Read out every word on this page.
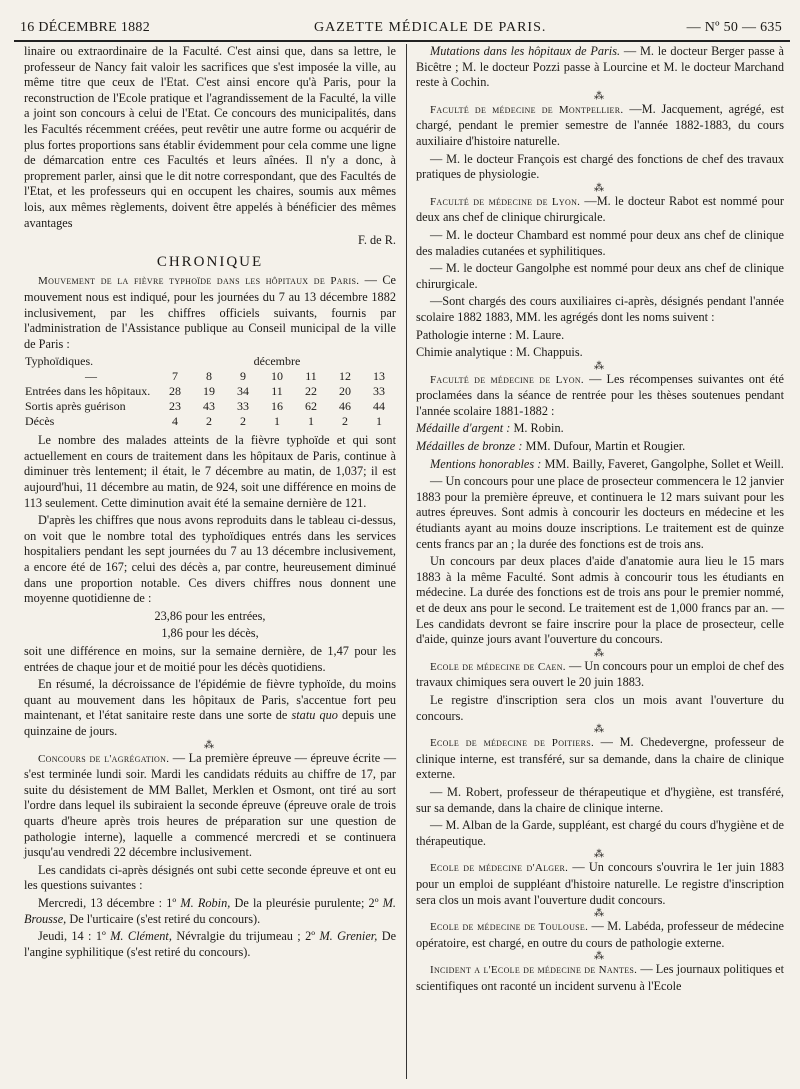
16 DÉCEMBRE 1882	GAZETTE MÉDICALE DE PARIS.	— Nº 50 — 635

linaire ou extraordinaire de la Faculté. C'est ainsi que, dans sa lettre, le professeur de Nancy fait valoir les sacrifices que s'est imposée la ville, au même titre que ceux de l'Etat. C'est ainsi encore qu'à Paris, pour la reconstruction de l'Ecole pratique et l'agrandissement de la Faculté, la ville a joint son concours à celui de l'Etat. Ce concours des municipalités, dans les Facultés récemment créées, peut revêtir une autre forme ou acquérir de plus fortes proportions sans établir évidemment pour cela comme une ligne de démarcation entre ces Facultés et leurs aînées. Il n'y a donc, à proprement parler, ainsi que le dit notre correspondant, que des Facultés de l'Etat, et les professeurs qui en occupent les chaires, soumis aux mêmes lois, aux mêmes règlements, doivent être appelés à bénéficier des mêmes avantages

F. de R.

CHRONIQUE

Mouvement de la fièvre typhoïde dans les hôpitaux de Paris. — Ce mouvement nous est indiqué, pour les journées du 7 au 13 décembre 1882 inclusivement, par les chiffres officiels suivants, fournis par l'administration de l'Assistance publique au Conseil municipal de la ville de Paris :

Typhoïdiques.	décembre						
—	7	8	9	10	11	12	13
Entrées dans les hôpitaux.	28	19	34	11	22	20	33
Sortis après guérison	23	43	33	16	62	46	44
Décès	4	2	2	1	1	2	1

Le nombre des malades atteints de la fièvre typhoïde et qui sont actuellement en cours de traitement dans les hôpitaux de Paris, continue à diminuer très lentement; il était, le 7 décembre au matin, de 1,037; il est aujourd'hui, 11 décembre au matin, de 924, soit une différence en moins de 113 seulement. Cette diminution avait été la semaine dernière de 121.

D'après les chiffres que nous avons reproduits dans le tableau ci-dessus, on voit que le nombre total des typhoïdiques entrés dans les services hospitaliers pendant les sept journées du 7 au 13 décembre inclusivement, a encore été de 167; celui des décès a, par contre, heureusement diminué dans une proportion notable. Ces divers chiffres nous donnent une moyenne quotidienne de :

23,86 pour les entrées,

1,86 pour les décès,

soit une différence en moins, sur la semaine dernière, de 1,47 pour les entrées de chaque jour et de moitié pour les décès quotidiens.

En résumé, la décroissance de l'épidémie de fièvre typhoïde, du moins quant au mouvement dans les hôpitaux de Paris, s'accentue fort peu maintenant, et l'état sanitaire reste dans une sorte de statu quo depuis une quinzaine de jours.

⁂

Concours de l'agrégation. — La première épreuve — épreuve écrite — s'est terminée lundi soir. Mardi les candidats réduits au chiffre de 17, par suite du désistement de MM Ballet, Merklen et Osmont, ont tiré au sort l'ordre dans lequel ils subiraient la seconde épreuve (épreuve orale de trois quarts d'heure après trois heures de préparation sur une question de pathologie interne), laquelle a commencé mercredi et se continuera jusqu'au vendredi 22 décembre inclusivement.

Les candidats ci-après désignés ont subi cette seconde épreuve et ont eu les questions suivantes :

Mercredi, 13 décembre : 1º M. Robin, De la pleurésie purulente; 2º M. Brousse, De l'urticaire (s'est retiré du concours).

Jeudi, 14 : 1º M. Clément, Névralgie du trijumeau ; 2º M. Grenier, De l'angine syphilitique (s'est retiré du concours).

Mutations dans les hôpitaux de Paris. — M. le docteur Berger passe à Bicêtre ; M. le docteur Pozzi passe à Lourcine et M. le docteur Marchand reste à Cochin.

⁂

Faculté de médecine de Montpellier. —M. Jacquement, agrégé, est chargé, pendant le premier semestre de l'année 1882-1883, du cours auxiliaire d'histoire naturelle.

— M. le docteur François est chargé des fonctions de chef des travaux pratiques de physiologie.

⁂

Faculté de médecine de Lyon. —M. le docteur Rabot est nommé pour deux ans chef de clinique chirurgicale.

— M. le docteur Chambard est nommé pour deux ans chef de clinique des maladies cutanées et syphilitiques.

— M. le docteur Gangolphe est nommé pour deux ans chef de clinique chirurgicale.

—Sont chargés des cours auxiliaires ci-après, désignés pendant l'année scolaire 1882 1883, MM. les agrégés dont les noms suivent :

Pathologie interne : M. Laure.

Chimie analytique : M. Chappuis.

⁂

Faculté de médecine de Lyon. — Les récompenses suivantes ont été proclamées dans la séance de rentrée pour les thèses soutenues pendant l'année scolaire 1881-1882 :

Médaille d'argent : M. Robin.

Médailles de bronze : MM. Dufour, Martin et Rougier.

Mentions honorables : MM. Bailly, Faveret, Gangolphe, Sollet et Weill.

— Un concours pour une place de prosecteur commencera le 12 janvier 1883 pour la première épreuve, et continuera le 12 mars suivant pour les autres épreuves. Sont admis à concourir les docteurs en médecine et les étudiants ayant au moins douze inscriptions. Le traitement est de quinze cents francs par an ; la durée des fonctions est de trois ans.

Un concours par deux places d'aide d'anatomie aura lieu le 15 mars 1883 à la même Faculté. Sont admis à concourir tous les étudiants en médecine. La durée des fonctions est de trois ans pour le premier nommé, et de deux ans pour le second. Le traitement est de 1,000 francs par an. — Les candidats devront se faire inscrire pour la place de prosecteur, celle d'aide, quinze jours avant l'ouverture du concours.

⁂

Ecole de médecine de Caen. — Un concours pour un emploi de chef des travaux chimiques sera ouvert le 20 juin 1883.

Le registre d'inscription sera clos un mois avant l'ouverture du concours.

⁂

Ecole de médecine de Poitiers. — M. Chedevergne, professeur de clinique interne, est transféré, sur sa demande, dans la chaire de clinique externe.

— M. Robert, professeur de thérapeutique et d'hygiène, est transféré, sur sa demande, dans la chaire de clinique interne.

— M. Alban de la Garde, suppléant, est chargé du cours d'hygiène et de thérapeutique.

⁂

Ecole de médecine d'Alger. — Un concours s'ouvrira le 1er juin 1883 pour un emploi de suppléant d'histoire naturelle. Le registre d'inscription sera clos un mois avant l'ouverture dudit concours.

⁂

Ecole de médecine de Toulouse. — M. Labéda, professeur de médecine opératoire, est chargé, en outre du cours de pathologie externe.

⁂

Incident a l'Ecole de médecine de Nantes. — Les journaux politiques et scientifiques ont raconté un incident survenu à l'Ecole
